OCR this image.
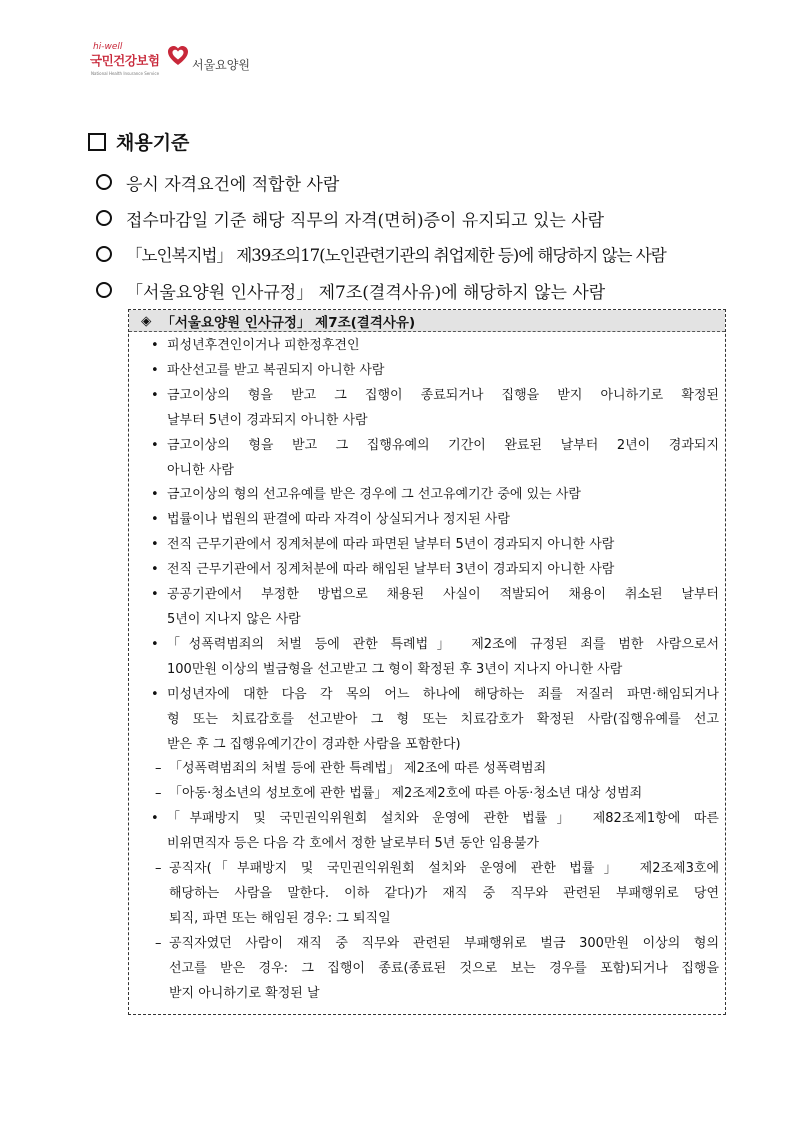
hi-well
국민건강보험
National Health Insurance Service
서울요양원
채용기준
응시 자격요건에 적합한 사람
접수마감일 기준 해당 직무의 자격(면허)증이 유지되고 있는 사람
「노인복지법」 제39조의17(노인관련기관의 취업제한 등)에 해당하지 않는 사람
「서울요양원 인사규정」 제7조(결격사유)에 해당하지 않는 사람
◈ 「서울요양원 인사규정」 제7조(결격사유)
• 피성년후견인이거나 피한정후견인
• 파산선고를 받고 복권되지 아니한 사람
• 금고이상의 형을 받고 그 집행이 종료되거나 집행을 받지 아니하기로 확정된
날부터 5년이 경과되지 아니한 사람
• 금고이상의 형을 받고 그 집행유예의 기간이 완료된 날부터 2년이 경과되지
아니한 사람
• 금고이상의 형의 선고유예를 받은 경우에 그 선고유예기간 중에 있는 사람
• 법률이나 법원의 판결에 따라 자격이 상실되거나 정지된 사람
• 전직 근무기관에서 징계처분에 따라 파면된 날부터 5년이 경과되지 아니한 사람
• 전직 근무기관에서 징계처분에 따라 해임된 날부터 3년이 경과되지 아니한 사람
• 공공기관에서 부정한 방법으로 채용된 사실이 적발되어 채용이 취소된 날부터
5년이 지나지 않은 사람
• 「성폭력범죄의 처벌 등에 관한 특례법」 제2조에 규정된 죄를 범한 사람으로서
100만원 이상의 벌금형을 선고받고 그 형이 확정된 후 3년이 지나지 아니한 사람
• 미성년자에 대한 다음 각 목의 어느 하나에 해당하는 죄를 저질러 파면·해임되거나
형 또는 치료감호를 선고받아 그 형 또는 치료감호가 확정된 사람(집행유예를 선고
받은 후 그 집행유예기간이 경과한 사람을 포함한다)
– 「성폭력범죄의 처벌 등에 관한 특례법」 제2조에 따른 성폭력범죄
– 「아동·청소년의 성보호에 관한 법률」 제2조제2호에 따른 아동·청소년 대상 성범죄
• 「부패방지 및 국민권익위원회 설치와 운영에 관한 법률」 제82조제1항에 따른
비위면직자 등은 다음 각 호에서 정한 날로부터 5년 동안 임용불가
– 공직자(「부패방지 및 국민권익위원회 설치와 운영에 관한 법률」 제2조제3호에
해당하는 사람을 말한다. 이하 같다)가 재직 중 직무와 관련된 부패행위로 당연
퇴직, 파면 또는 해임된 경우: 그 퇴직일
– 공직자였던 사람이 재직 중 직무와 관련된 부패행위로 벌금 300만원 이상의 형의
선고를 받은 경우: 그 집행이 종료(종료된 것으로 보는 경우를 포함)되거나 집행을
받지 아니하기로 확정된 날
